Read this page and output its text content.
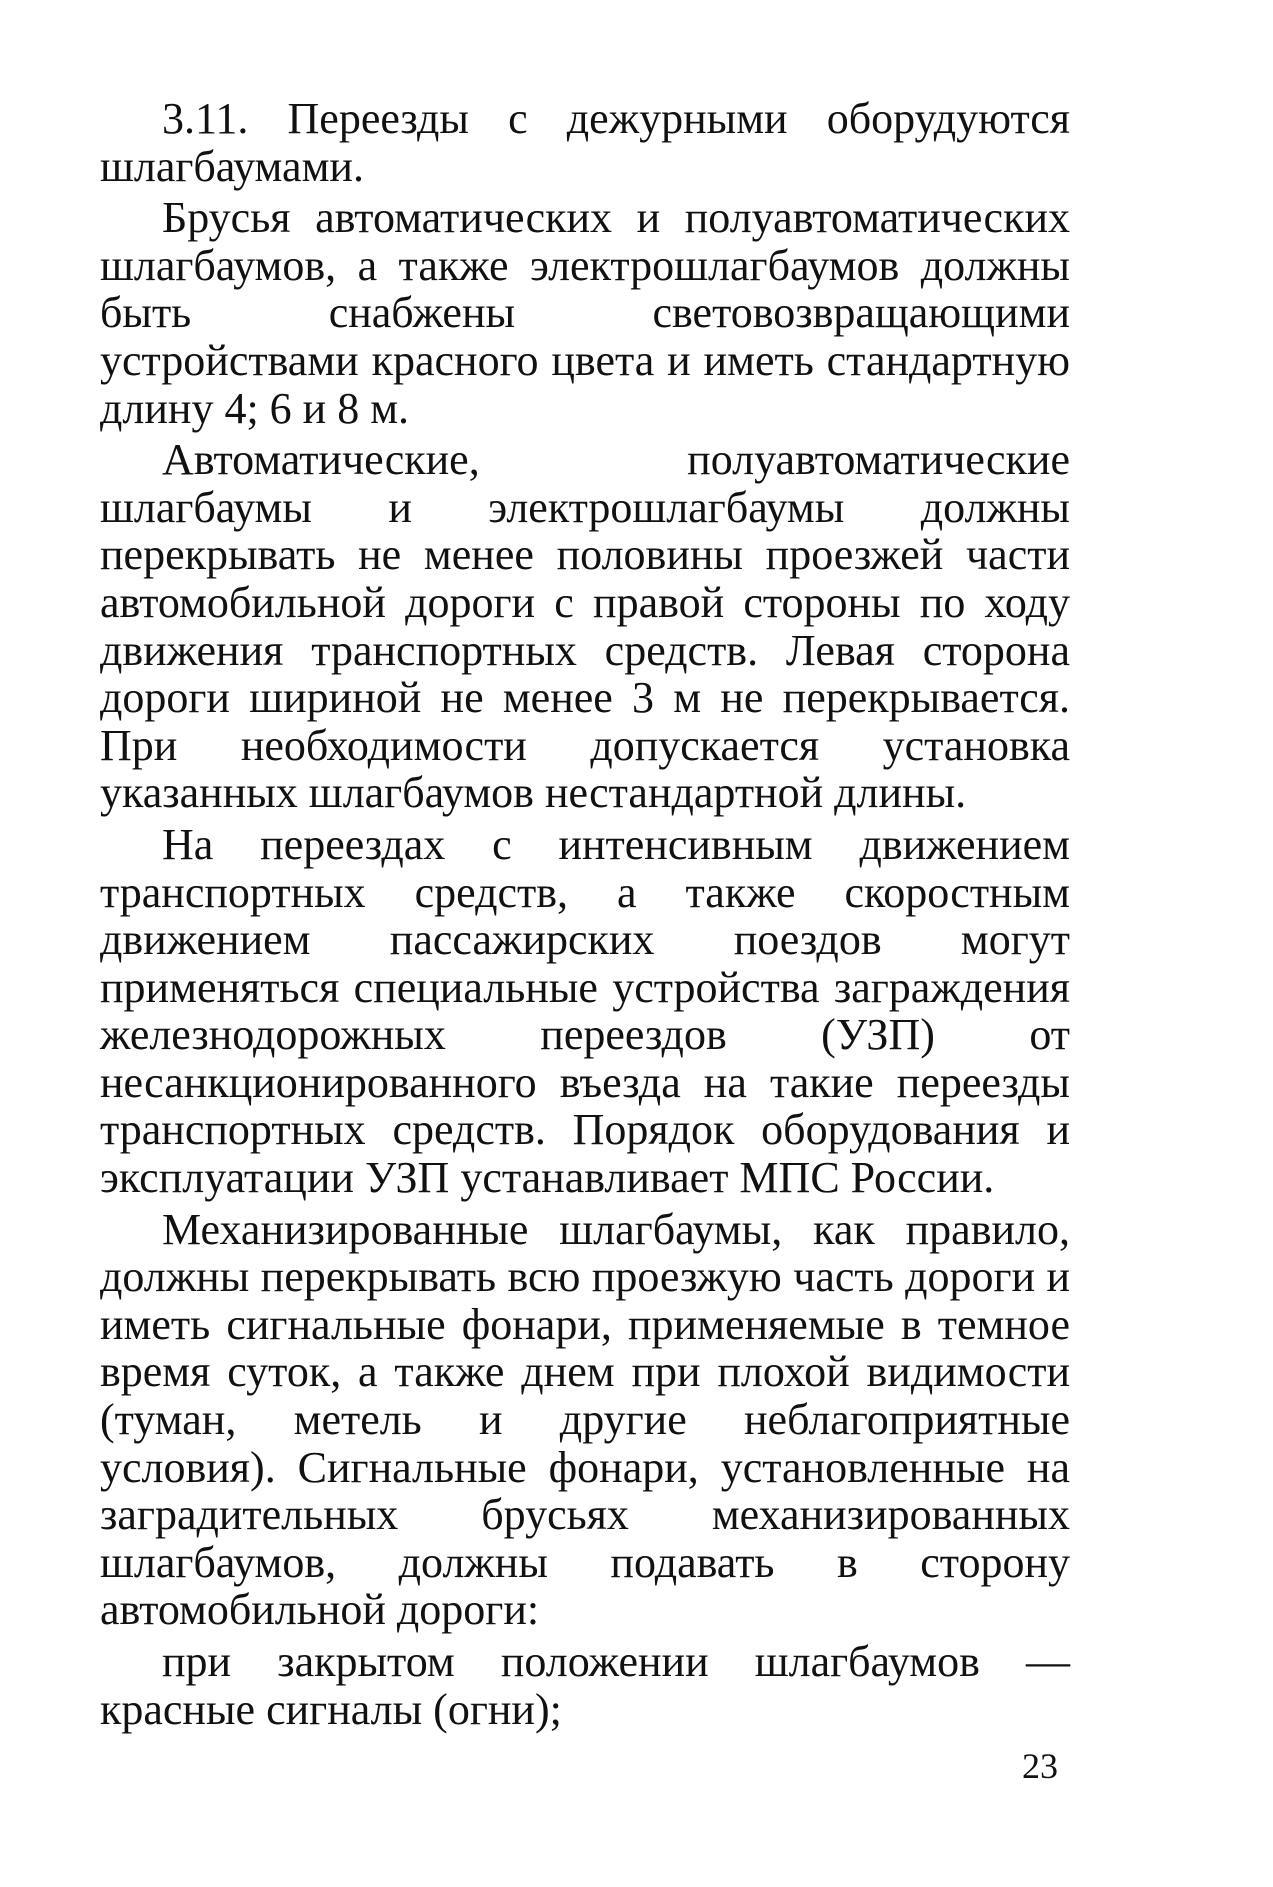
3.11. Переезды с дежурными оборудуются шлагбаумами.

Брусья автоматических и полуавтоматических шлагбаумов, а также электрошлагбаумов должны быть снабжены световозвращающими устройствами красного цвета и иметь стандартную длину 4; 6 и 8 м.

Автоматические, полуавтоматические шлагбаумы и электрошлагбаумы должны перекрывать не менее половины проезжей части автомобильной дороги с правой стороны по ходу движения транспортных средств. Левая сторона дороги шириной не менее 3 м не перекрывается. При необходимости допускается установка указанных шлагбаумов нестандартной длины.

На переездах с интенсивным движением транспортных средств, а также скоростным движением пассажирских поездов могут применяться специальные устройства заграждения железнодорожных переездов (УЗП) от несанкционированного въезда на такие переезды транспортных средств. Порядок оборудования и эксплуатации УЗП устанавливает МПС России.

Механизированные шлагбаумы, как правило, должны перекрывать всю проезжую часть дороги и иметь сигнальные фонари, применяемые в темное время суток, а также днем при плохой видимости (туман, метель и другие неблагоприятные условия). Сигнальные фонари, установленные на заградительных брусьях механизированных шлагбаумов, должны подавать в сторону автомобильной дороги:

при закрытом положении шлагбаумов — красные сигналы (огни);

23
